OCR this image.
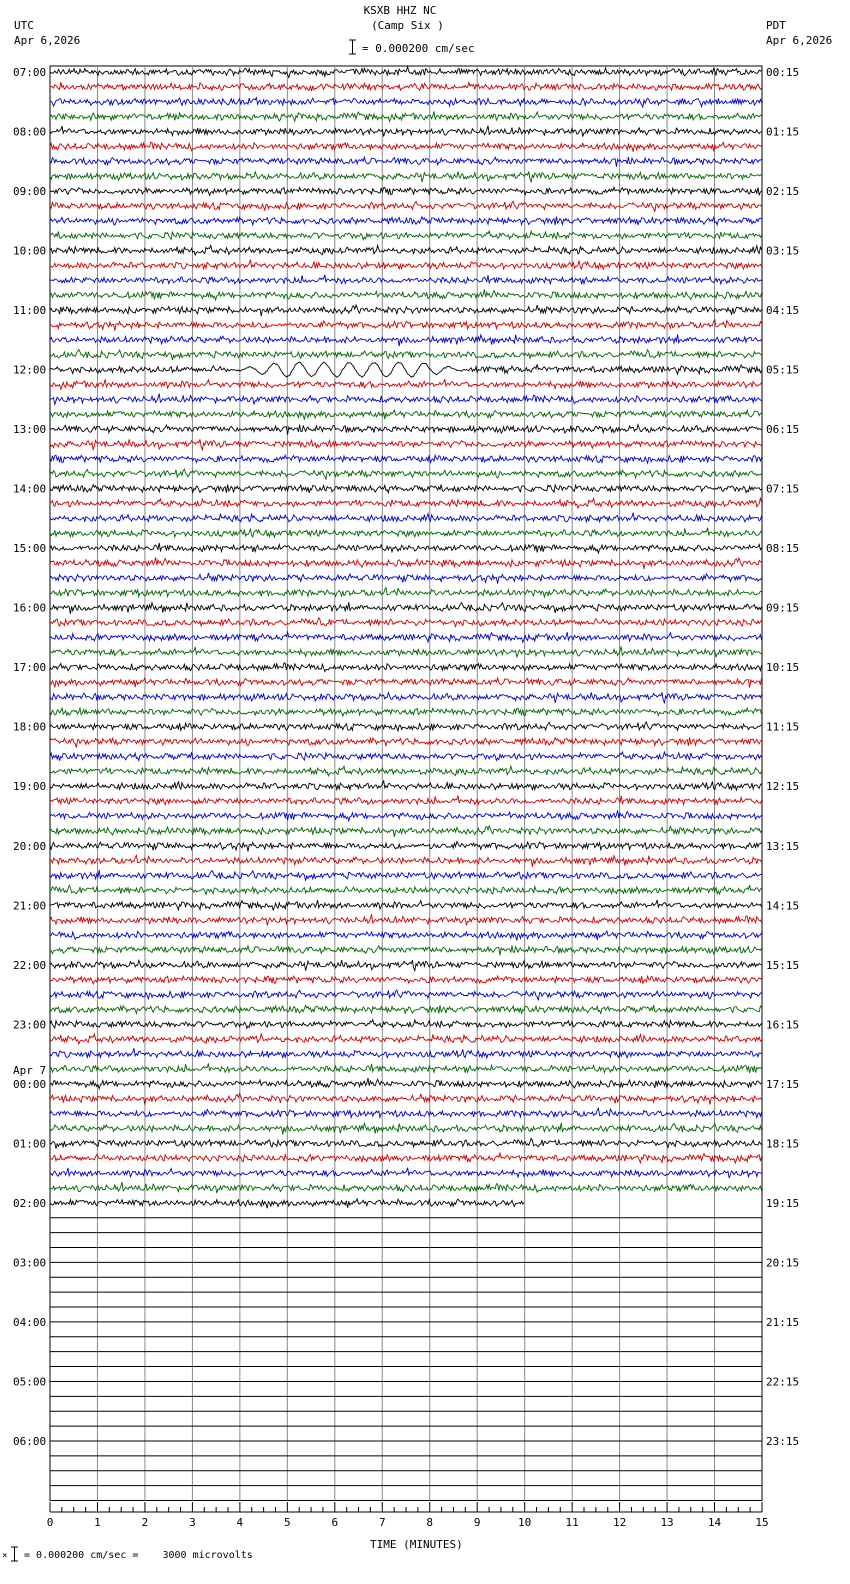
KSXB HHZ NC
(Camp Six )
= 0.000200 cm/sec
UTC
Apr 6,2026
PDT
Apr 6,2026
0	1	2	3	4	5	6	7	8	9	10	11	12	13	14	15
07:00
08:00
09:00
10:00
11:00
12:00
13:00
14:00
15:00
16:00
17:00
18:00
19:00
20:00
21:00
22:00
23:00
00:00
Apr 7
01:00
02:00
03:00
04:00
05:00
06:00
00:15
01:15
02:15
03:15
04:15
05:15
06:15
07:15
08:15
09:15
10:15
11:15
12:15
13:15
14:15
15:15
16:15
17:15
18:15
19:15
20:15
21:15
22:15
23:15
TIME (MINUTES)
× = 0.000200 cm/sec =    3000 microvolts
